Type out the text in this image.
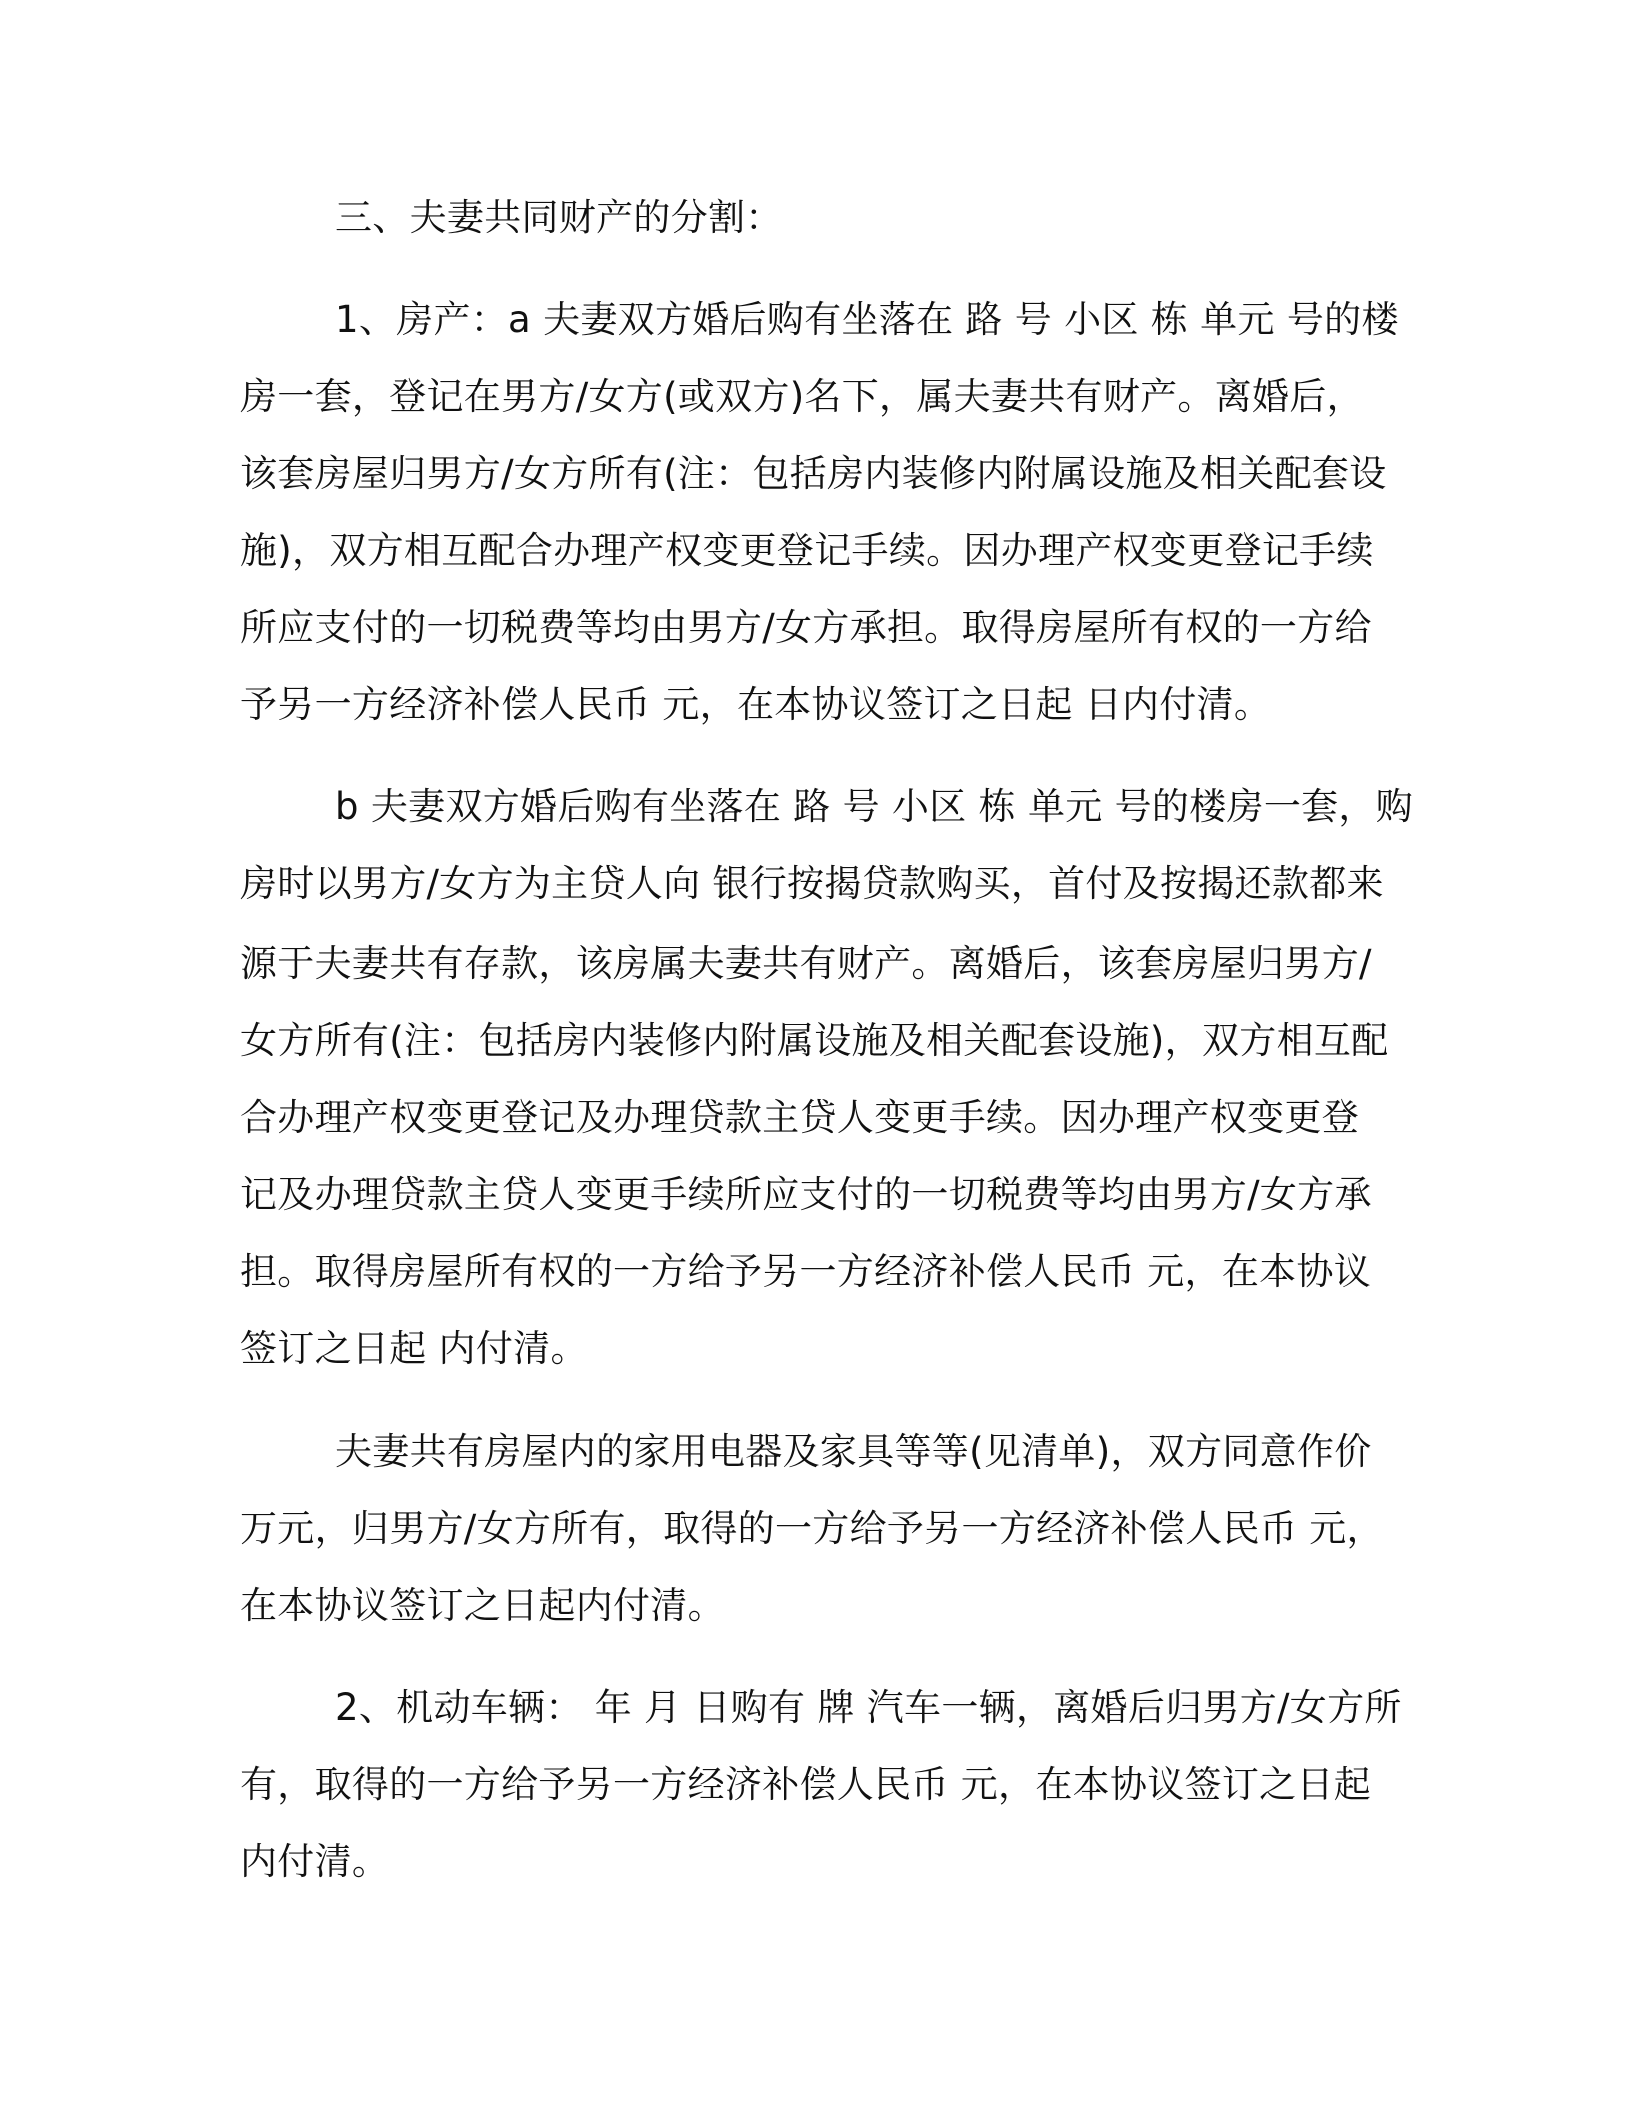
三、夫妻共同财产的分割：
1、房产：a 夫妻双方婚后购有坐落在 路 号 小区 栋 单元 号的楼
房一套，登记在男方/女方(或双方)名下，属夫妻共有财产。离婚后，
该套房屋归男方/女方所有(注：包括房内装修内附属设施及相关配套设
施)，双方相互配合办理产权变更登记手续。因办理产权变更登记手续
所应支付的一切税费等均由男方/女方承担。取得房屋所有权的一方给
予另一方经济补偿人民币 元，在本协议签订之日起 日内付清。
b 夫妻双方婚后购有坐落在 路 号 小区 栋 单元 号的楼房一套，购
房时以男方/女方为主贷人向 银行按揭贷款购买，首付及按揭还款都来
源于夫妻共有存款，该房属夫妻共有财产。离婚后，该套房屋归男方/
女方所有(注：包括房内装修内附属设施及相关配套设施)，双方相互配
合办理产权变更登记及办理贷款主贷人变更手续。因办理产权变更登
记及办理贷款主贷人变更手续所应支付的一切税费等均由男方/女方承
担。取得房屋所有权的一方给予另一方经济补偿人民币 元，在本协议
签订之日起 内付清。
夫妻共有房屋内的家用电器及家具等等(见清单)，双方同意作价
万元，归男方/女方所有，取得的一方给予另一方经济补偿人民币 元，
在本协议签订之日起内付清。
2、机动车辆： 年 月 日购有 牌 汽车一辆，离婚后归男方/女方所
有，取得的一方给予另一方经济补偿人民币 元，在本协议签订之日起
内付清。
